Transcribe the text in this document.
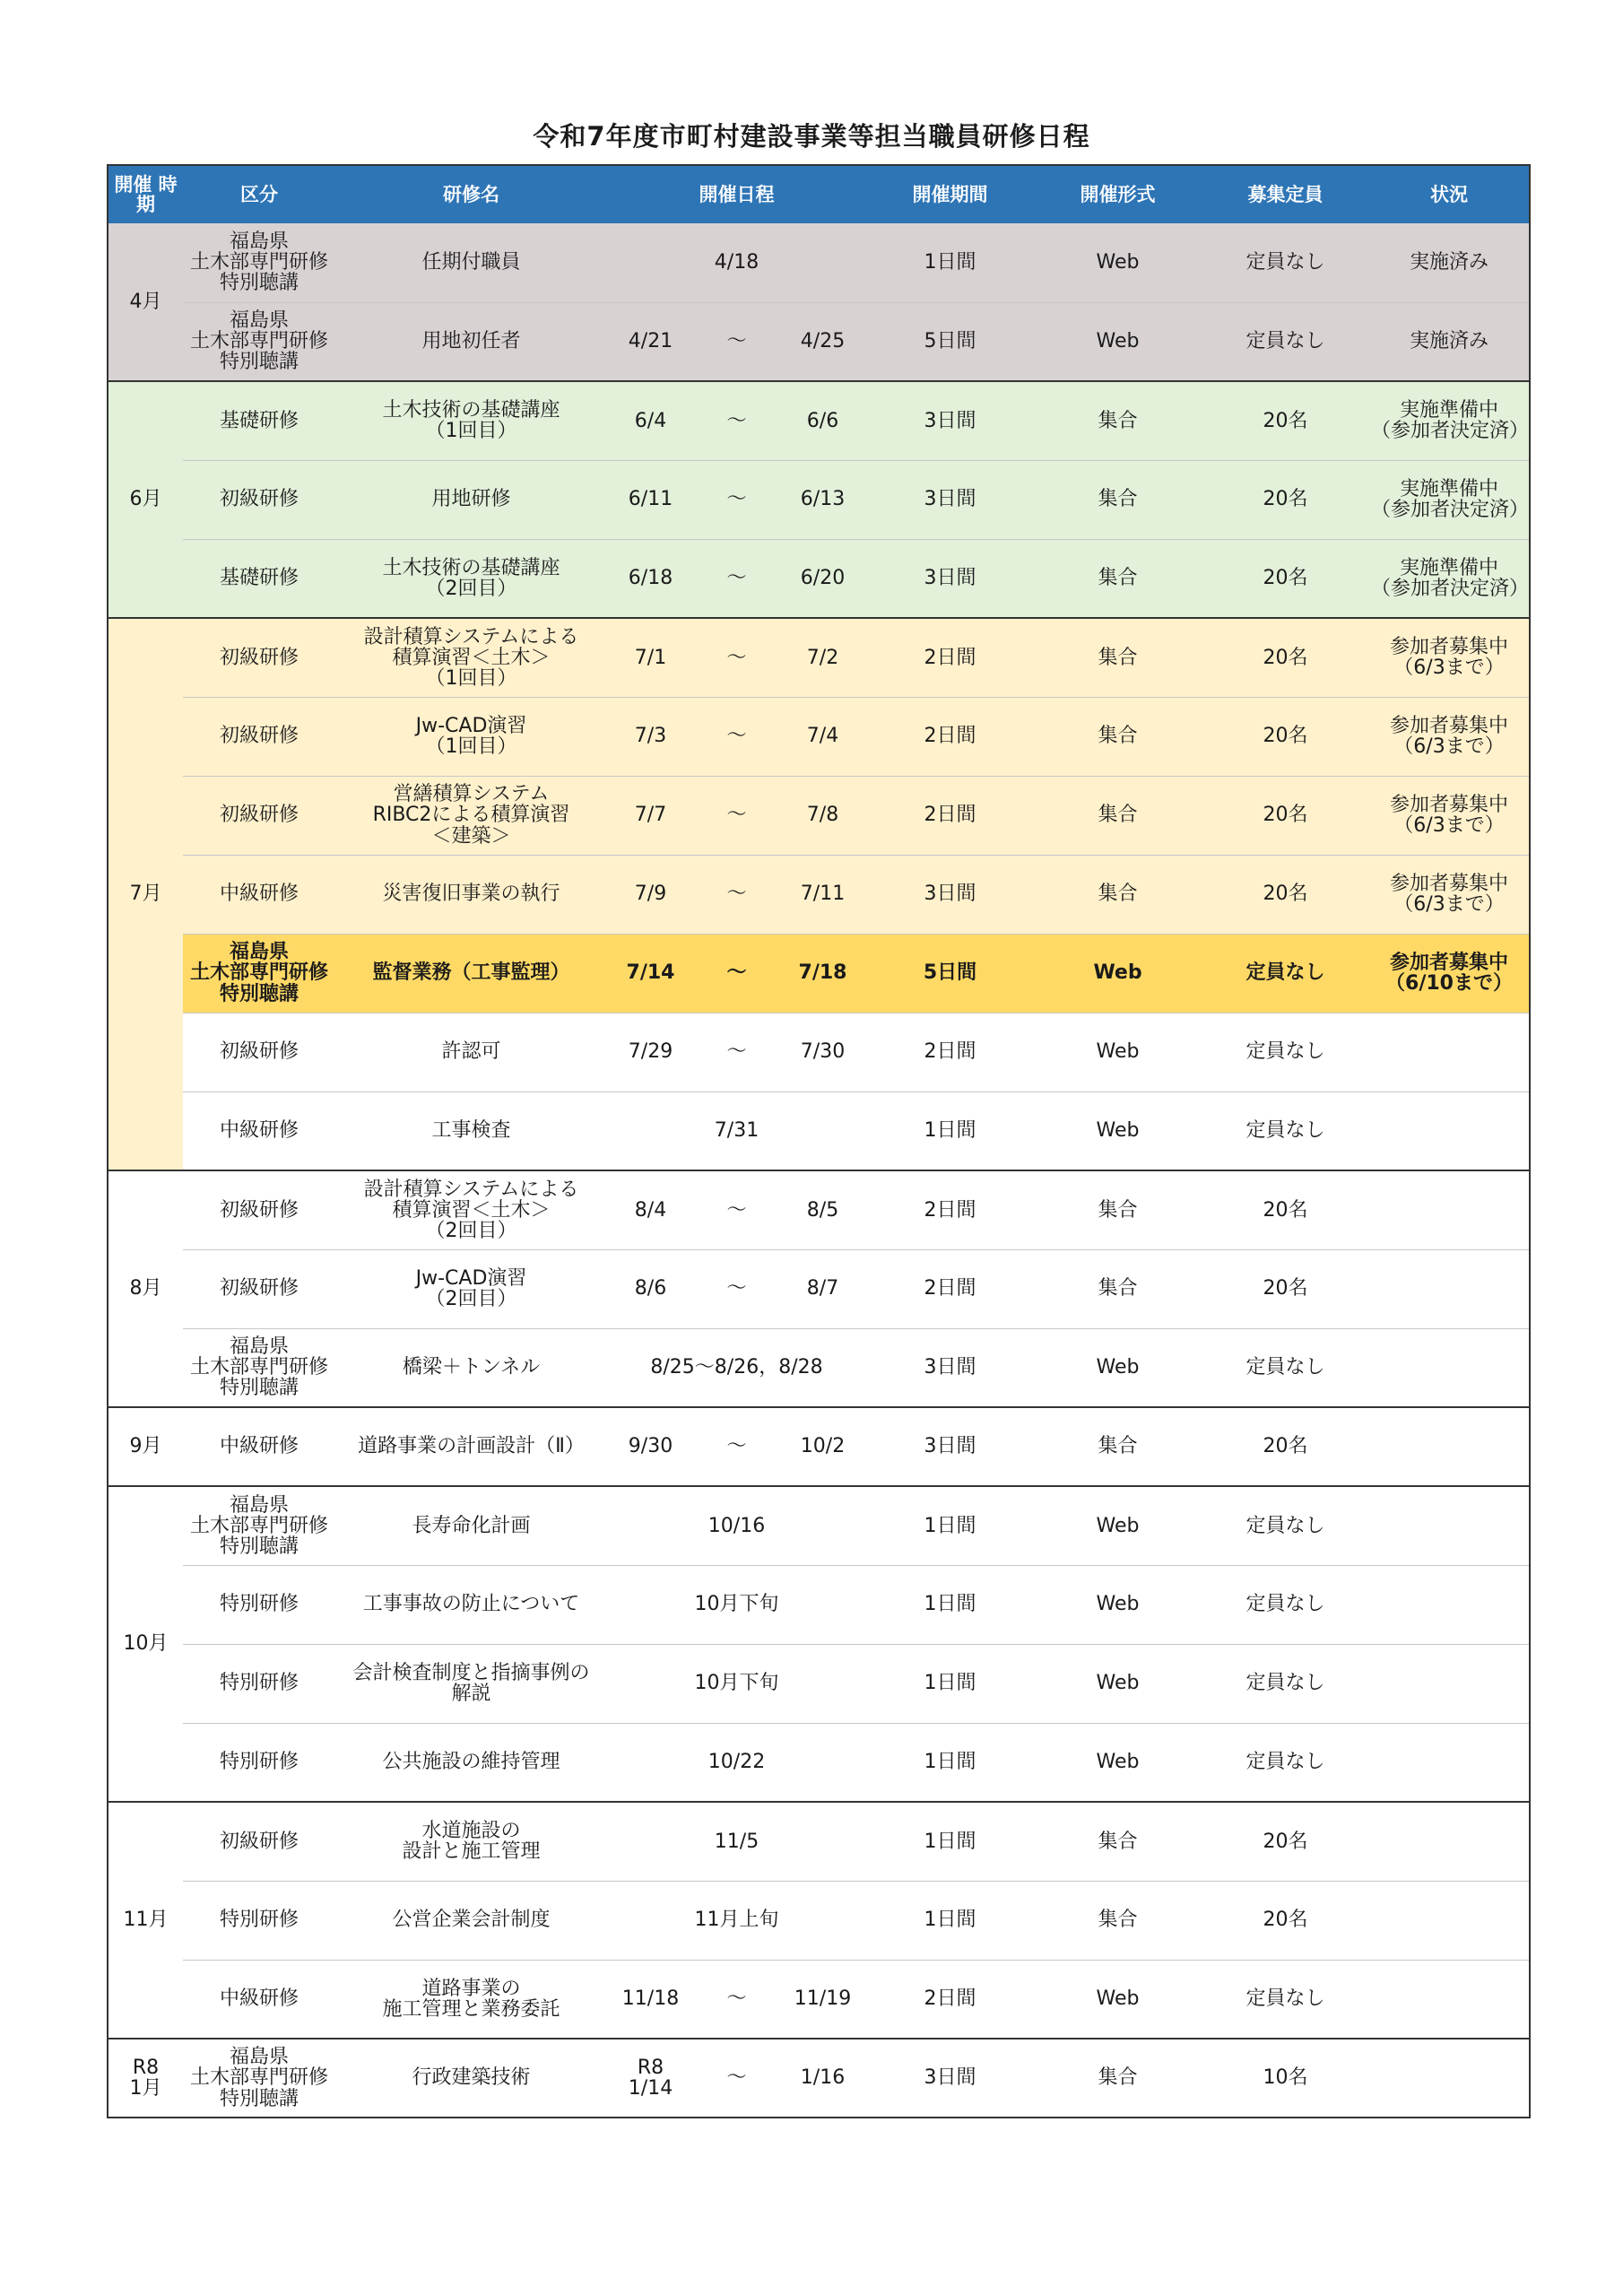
令和7年度市町村建設事業等担当職員研修日程
開催 時期	区分	研修名	開催日程			開催期間	開催形式	募集定員	状況
4月	福島県
土木部専門研修
特別聴講	任期付職員	4/18			1日間	Web	定員なし	実施済み
	福島県
土木部専門研修
特別聴講	用地初任者	4/21	～	4/25	5日間	Web	定員なし	実施済み
6月	基礎研修	土木技術の基礎講座
（1回目）	6/4	～	6/6	3日間	集合	20名	実施準備中
（参加者決定済）
	初級研修	用地研修	6/11	～	6/13	3日間	集合	20名	実施準備中
（参加者決定済）
	基礎研修	土木技術の基礎講座
（2回目）	6/18	～	6/20	3日間	集合	20名	実施準備中
（参加者決定済）
7月	初級研修	設計積算システムによる
積算演習＜土木＞
（1回目）	7/1	～	7/2	2日間	集合	20名	参加者募集中
（6/3まで）
	初級研修	Jw-CAD演習
（1回目）	7/3	～	7/4	2日間	集合	20名	参加者募集中
（6/3まで）
	初級研修	営繕積算システム
RIBC2による積算演習
＜建築＞	7/7	～	7/8	2日間	集合	20名	参加者募集中
（6/3まで）
	中級研修	災害復旧事業の執行	7/9	～	7/11	3日間	集合	20名	参加者募集中
（6/3まで）
	福島県
土木部専門研修
特別聴講	監督業務（工事監理）	7/14	～	7/18	5日間	Web	定員なし	参加者募集中
（6/10まで）
	初級研修	許認可	7/29	～	7/30	2日間	Web	定員なし	
	中級研修	工事検査	7/31			1日間	Web	定員なし	
8月	初級研修	設計積算システムによる
積算演習＜土木＞
（2回目）	8/4	～	8/5	2日間	集合	20名	
	初級研修	Jw-CAD演習
（2回目）	8/6	～	8/7	2日間	集合	20名	
	福島県
土木部専門研修
特別聴講	橋梁＋トンネル	8/25～8/26，8/28			3日間	Web	定員なし	
9月	中級研修	道路事業の計画設計（Ⅱ）	9/30	～	10/2	3日間	集合	20名	
10月	福島県
土木部専門研修
特別聴講	長寿命化計画	10/16			1日間	Web	定員なし	
	特別研修	工事事故の防止について	10月下旬			1日間	Web	定員なし	
	特別研修	会計検査制度と指摘事例の
解説	10月下旬			1日間	Web	定員なし	
	特別研修	公共施設の維持管理	10/22			1日間	Web	定員なし	
11月	初級研修	水道施設の
設計と施工管理	11/5			1日間	集合	20名	
	特別研修	公営企業会計制度	11月上旬			1日間	集合	20名	
	中級研修	道路事業の
施工管理と業務委託	11/18	～	11/19	2日間	Web	定員なし	
R8
1月	福島県
土木部専門研修
特別聴講	行政建築技術	R8
1/14	～	1/16	3日間	集合	10名	
